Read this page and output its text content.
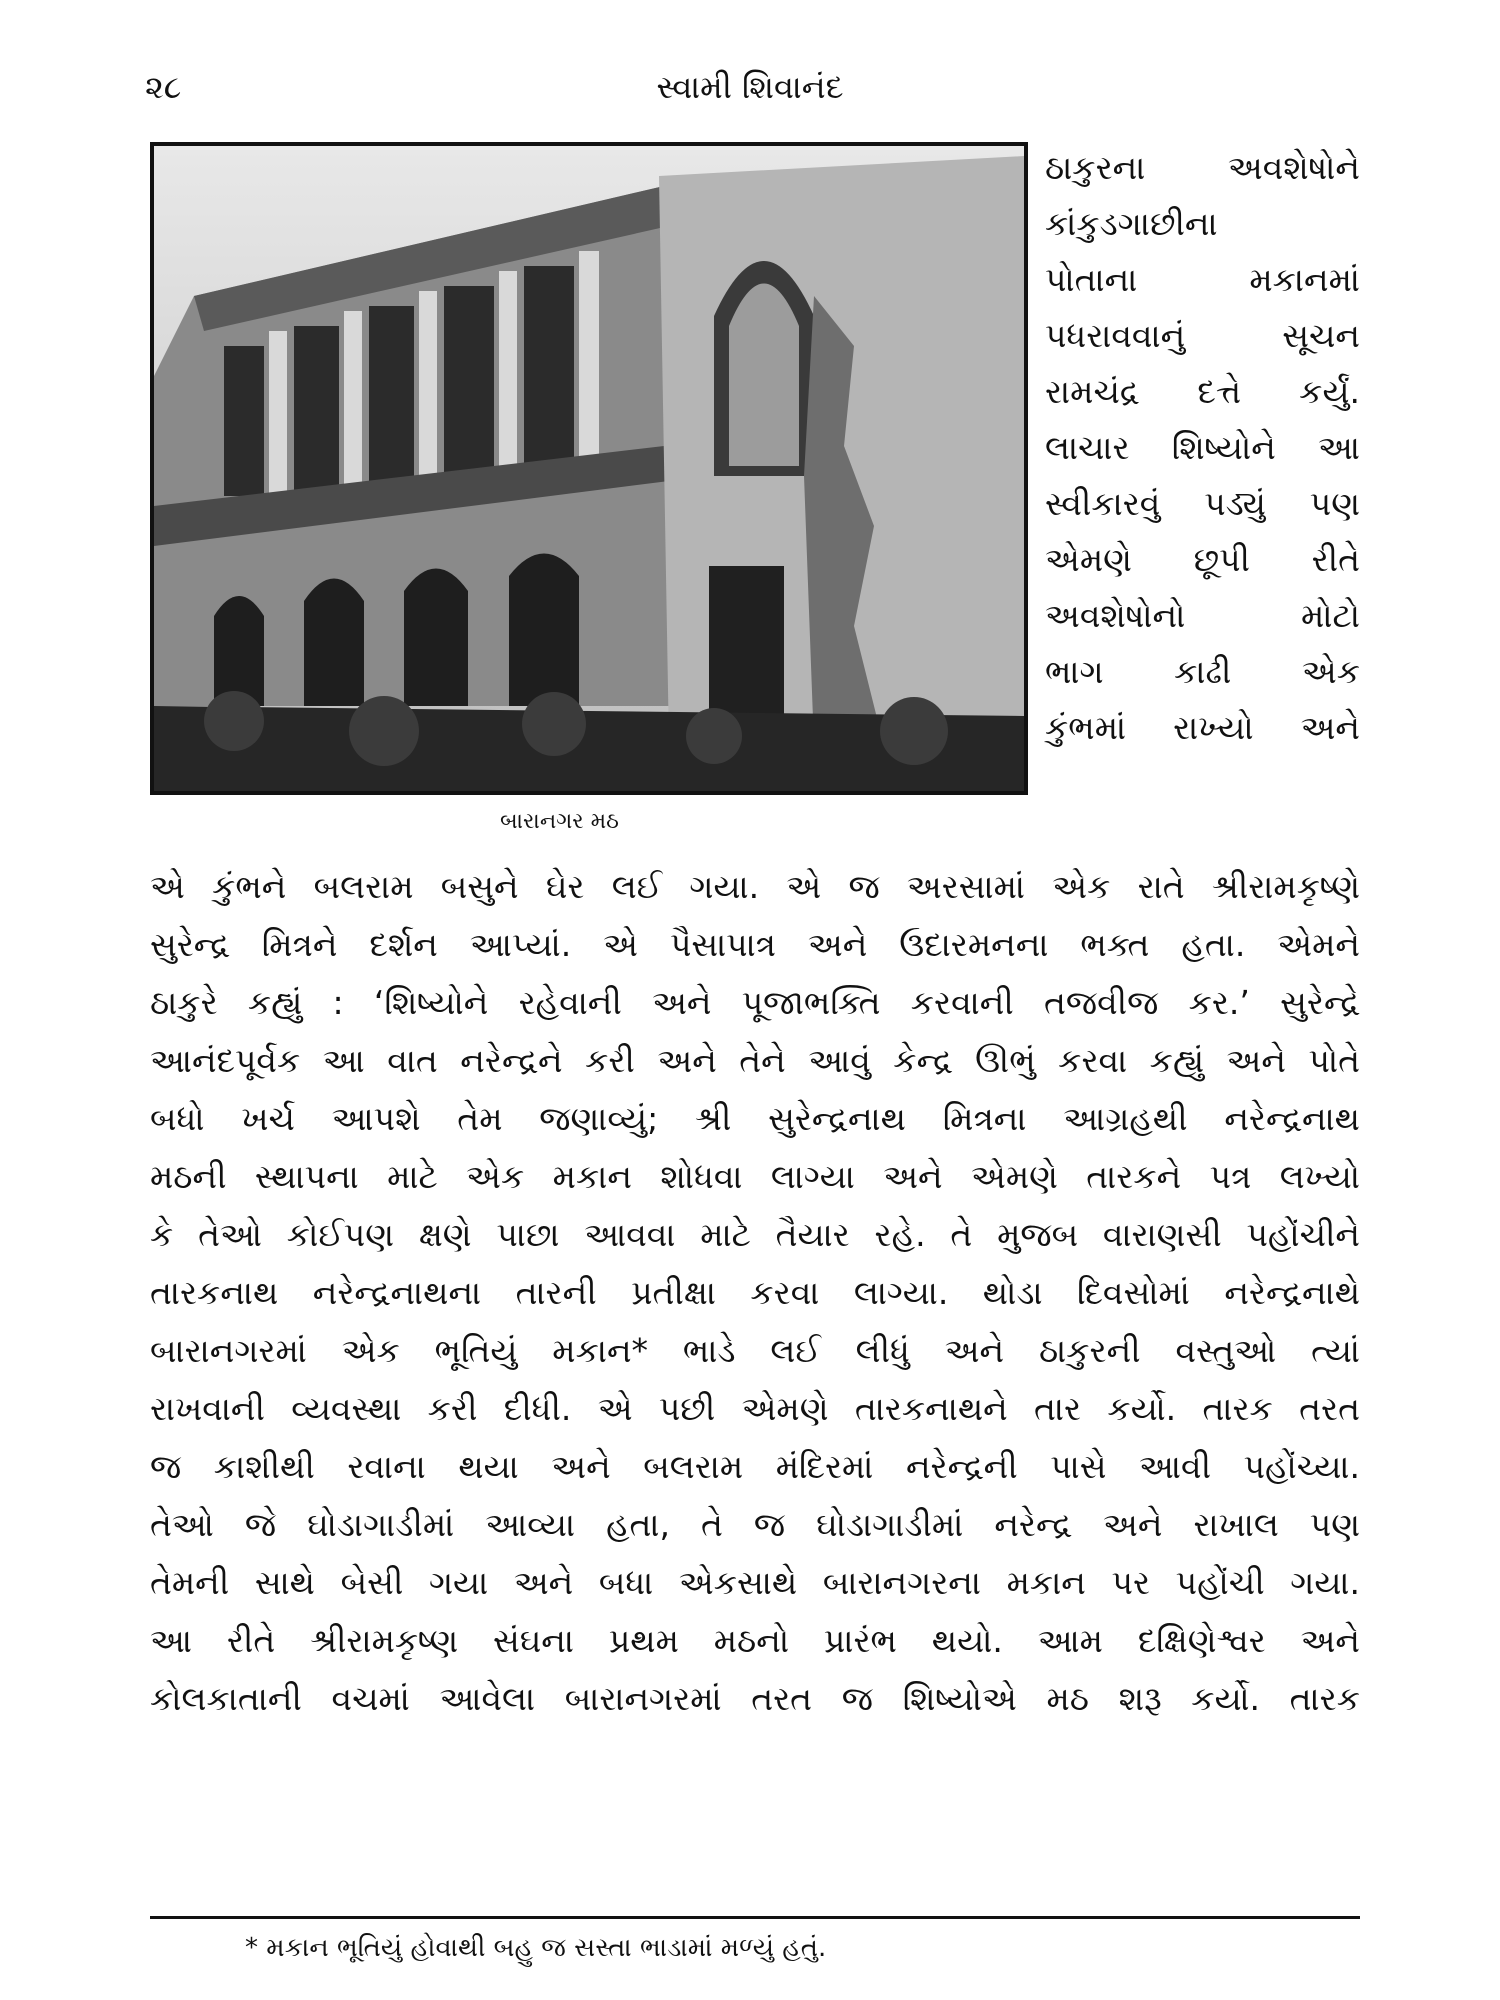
૨૮	સ્વામી શિવાનંદ
બારાનગર મઠ
ઠાકુરના અવશેષોને
કાંકુડગાછીના
પોતાના મકાનમાં
પધરાવવાનું સૂચન
રામચંદ્ર દત્તે કર્યું.
લાચાર શિષ્યોને આ
સ્વીકારવું પડ્યું પણ
એમણે છૂપી રીતે
અવશેષોનો મોટો
ભાગ કાઢી એક
કુંભમાં રાખ્યો અને
એ કુંભને બલરામ બસુને ઘેર લઈ ગયા. એ જ અરસામાં એક રાતે શ્રીરામકૃષ્ણે
સુરેન્દ્ર મિત્રને દર્શન આપ્યાં. એ પૈસાપાત્ર અને ઉદારમનના ભક્ત હતા. એમને
ઠાકુરે કહ્યું : ‘શિષ્યોને રહેવાની અને પૂજાભક્તિ કરવાની તજવીજ કર.’ સુરેન્દ્રે
આનંદપૂર્વક આ વાત નરેન્દ્રને કરી અને તેને આવું કેન્દ્ર ઊભું કરવા કહ્યું અને પોતે
બધો ખર્ચ આપશે તેમ જણાવ્યું; શ્રી સુરેન્દ્રનાથ મિત્રના આગ્રહથી નરેન્દ્રનાથ
મઠની સ્થાપના માટે એક મકાન શોધવા લાગ્યા અને એમણે તારકને પત્ર લખ્યો
કે તેઓ કોઈપણ ક્ષણે પાછા આવવા માટે તૈયાર રહે. તે મુજબ વારાણસી પહોંચીને
તારકનાથ નરેન્દ્રનાથના તારની પ્રતીક્ષા કરવા લાગ્યા. થોડા દિવસોમાં નરેન્દ્રનાથે
બારાનગરમાં એક ભૂતિયું મકાન* ભાડે લઈ લીધું અને ઠાકુરની વસ્તુઓ ત્યાં
રાખવાની વ્યવસ્થા કરી દીધી. એ પછી એમણે તારકનાથને તાર કર્યો. તારક તરત
જ કાશીથી રવાના થયા અને બલરામ મંદિરમાં નરેન્દ્રની પાસે આવી પહોંચ્યા.
તેઓ જે ઘોડાગાડીમાં આવ્યા હતા, તે જ ઘોડાગાડીમાં નરેન્દ્ર અને રાખાલ પણ
તેમની સાથે બેસી ગયા અને બધા એકસાથે બારાનગરના મકાન પર પહોંચી ગયા.
આ રીતે શ્રીરામકૃષ્ણ સંઘના પ્રથમ મઠનો પ્રારંભ થયો. આમ દક્ષિણેશ્વર અને
કોલકાતાની વચમાં આવેલા બારાનગરમાં તરત જ શિષ્યોએ મઠ શરૂ કર્યો. તારક
* મકાન ભૂતિયું હોવાથી બહુ જ સસ્તા ભાડામાં મળ્યું હતું.
